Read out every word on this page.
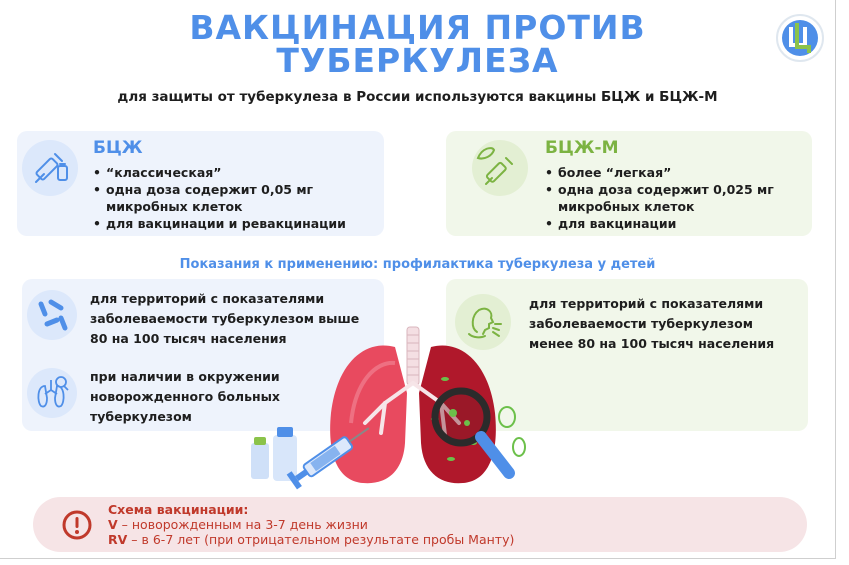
ВАКЦИНАЦИЯ ПРОТИВ
ТУБЕРКУЛЕЗА
для защиты от туберкулеза в России используются вакцины БЦЖ и БЦЖ-М
БЦЖ
• “классическая”
• одна доза содержит 0,05 мг микробных клеток
• для вакцинации и ревакцинации
БЦЖ-М
• более “легкая”
• одна доза содержит 0,025 мг микробных клеток
• для вакцинации
Показания к применению: профилактика туберкулеза у детей
для территорий с показателями заболеваемости туберкулезом выше 80 на 100 тысяч населения
при наличии в окружении новорожденного больных туберкулезом
для территорий с показателями заболеваемости туберкулезом менее 80 на 100 тысяч населения
Схема вакцинации:
V – новорожденным на 3-7 день жизни
RV – в 6-7 лет (при отрицательном результате пробы Манту)
